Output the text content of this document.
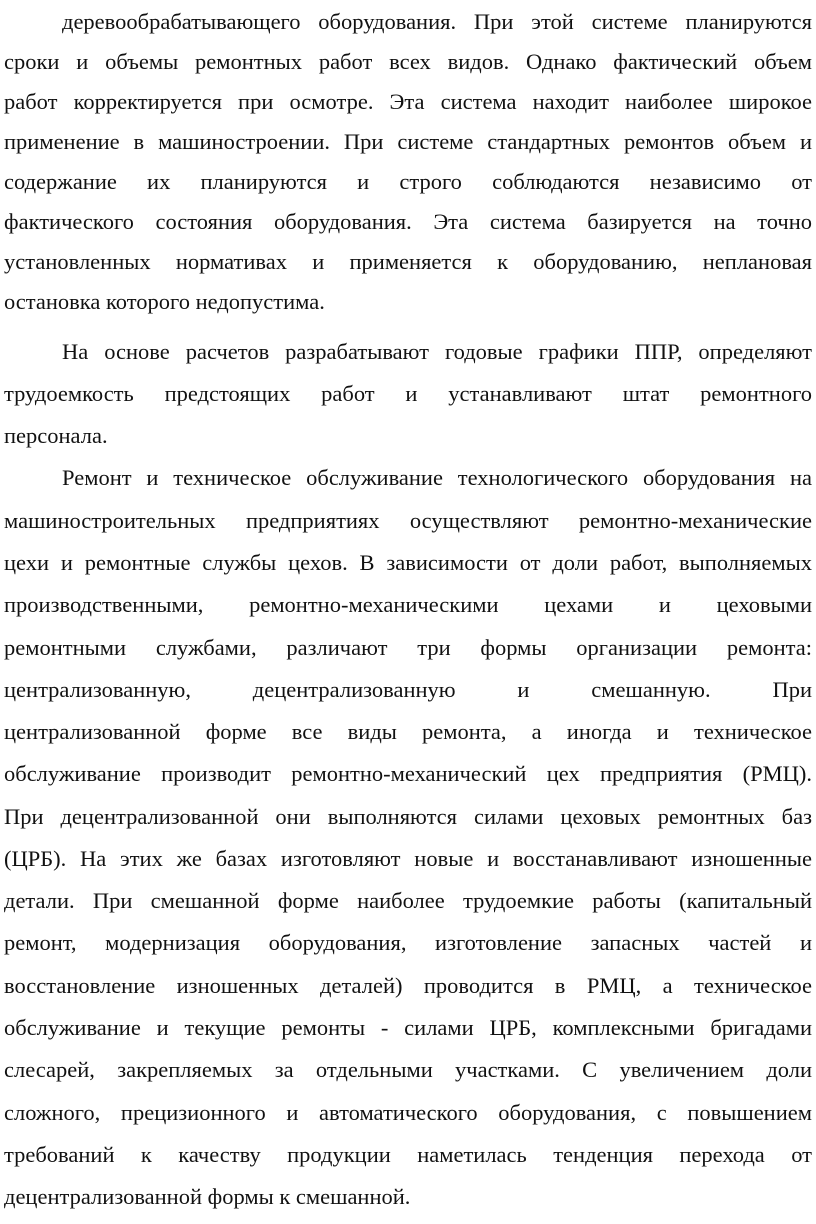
деревообрабатывающего оборудования. При этой системе планируются
сроки и объемы ремонтных работ всех видов. Однако фактический объем
работ корректируется при осмотре. Эта система находит наиболее широкое
применение в машиностроении. При системе стандартных ремонтов объем и
содержание их планируются и строго соблюдаются независимо от
фактического состояния оборудования. Эта система базируется на точно
установленных нормативах и применяется к оборудованию, неплановая
остановка которого недопустима.
На основе расчетов разрабатывают годовые графики ППР, определяют
трудоемкость предстоящих работ и устанавливают штат ремонтного
персонала.
Ремонт и техническое обслуживание технологического оборудования на
машиностроительных предприятиях осуществляют ремонтно-механические
цехи и ремонтные службы цехов. В зависимости от доли работ, выполняемых
производственными, ремонтно-механическими цехами и цеховыми
ремонтными службами, различают три формы организации ремонта:
централизованную, децентрализованную и смешанную. При
централизованной форме все виды ремонта, а иногда и техническое
обслуживание производит ремонтно-механический цех предприятия (РМЦ).
При децентрализованной они выполняются силами цеховых ремонтных баз
(ЦРБ). На этих же базах изготовляют новые и восстанавливают изношенные
детали. При смешанной форме наиболее трудоемкие работы (капитальный
ремонт, модернизация оборудования, изготовление запасных частей и
восстановление изношенных деталей) проводится в РМЦ, а техническое
обслуживание и текущие ремонты - силами ЦРБ, комплексными бригадами
слесарей, закрепляемых за отдельными участками. С увеличением доли
сложного, прецизионного и автоматического оборудования, с повышением
требований к качеству продукции наметилась тенденция перехода от
децентрализованной формы к смешанной.
